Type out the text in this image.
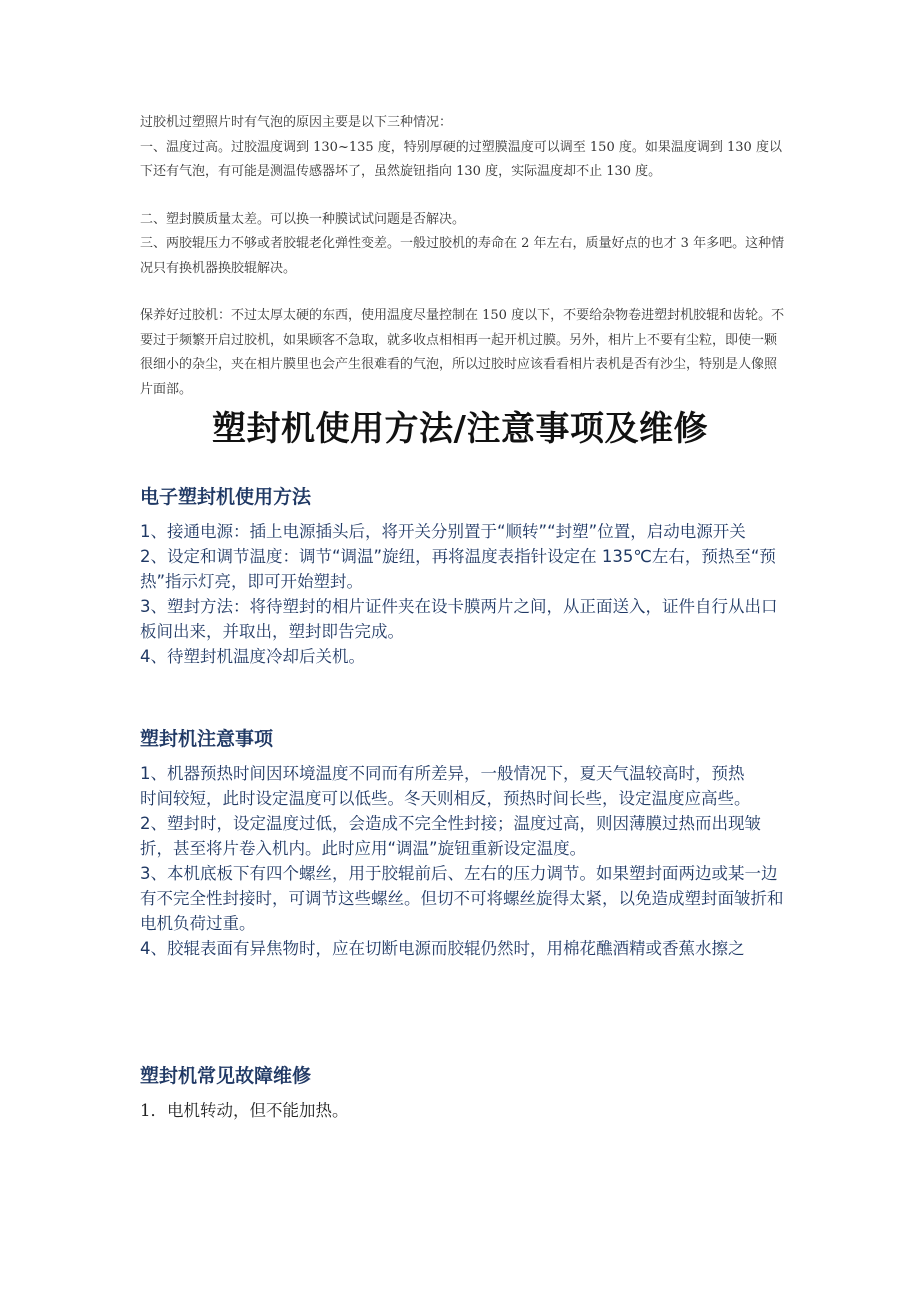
过胶机过塑照片时有气泡的原因主要是以下三种情况：

一、温度过高。过胶温度调到 130~135 度，特别厚硬的过塑膜温度可以调至 150 度。如果温度调到 130 度以下还有气泡，有可能是测温传感器坏了，虽然旋钮指向 130 度，实际温度却不止 130 度。

二、塑封膜质量太差。可以换一种膜试试问题是否解决。

三、两胶辊压力不够或者胶辊老化弹性变差。一般过胶机的寿命在 2 年左右，质量好点的也才 3 年多吧。这种情况只有换机器换胶辊解决。

保养好过胶机：不过太厚太硬的东西，使用温度尽量控制在 150 度以下，不要给杂物卷进塑封机胶辊和齿轮。不要过于频繁开启过胶机，如果顾客不急取，就多收点相相再一起开机过膜。另外，相片上不要有尘粒，即使一颗很细小的杂尘，夹在相片膜里也会产生很难看的气泡，所以过胶时应该看看相片表机是否有沙尘，特别是人像照片面部。

塑封机使用方法/注意事项及维修
电子塑封机使用方法

1、接通电源：插上电源插头后，将开关分别置于“顺转”“封塑”位置，启动电源开关

2、设定和调节温度：调节“调温”旋纽，再将温度表指针设定在 135℃左右，预热至“预热”指示灯亮，即可开始塑封。

3、塑封方法：将待塑封的相片证件夹在设卡膜两片之间，从正面送入，证件自行从出口板间出来，并取出，塑封即告完成。

4、待塑封机温度冷却后关机。

塑封机注意事项

1、机器预热时间因环境温度不同而有所差异，一般情况下，夏天气温较高时，预热

时间较短，此时设定温度可以低些。冬天则相反，预热时间长些，设定温度应高些。

2、塑封时，设定温度过低，会造成不完全性封接；温度过高，则因薄膜过热而出现皱折，甚至将片卷入机内。此时应用“调温”旋钮重新设定温度。

3、本机底板下有四个螺丝，用于胶辊前后、左右的压力调节。如果塑封面两边或某一边有不完全性封接时，可调节这些螺丝。但切不可将螺丝旋得太紧，以免造成塑封面皱折和电机负荷过重。

4、胶辊表面有异焦物时，应在切断电源而胶辊仍然时，用棉花醮酒精或香蕉水擦之

塑封机常见故障维修

1．电机转动，但不能加热。
